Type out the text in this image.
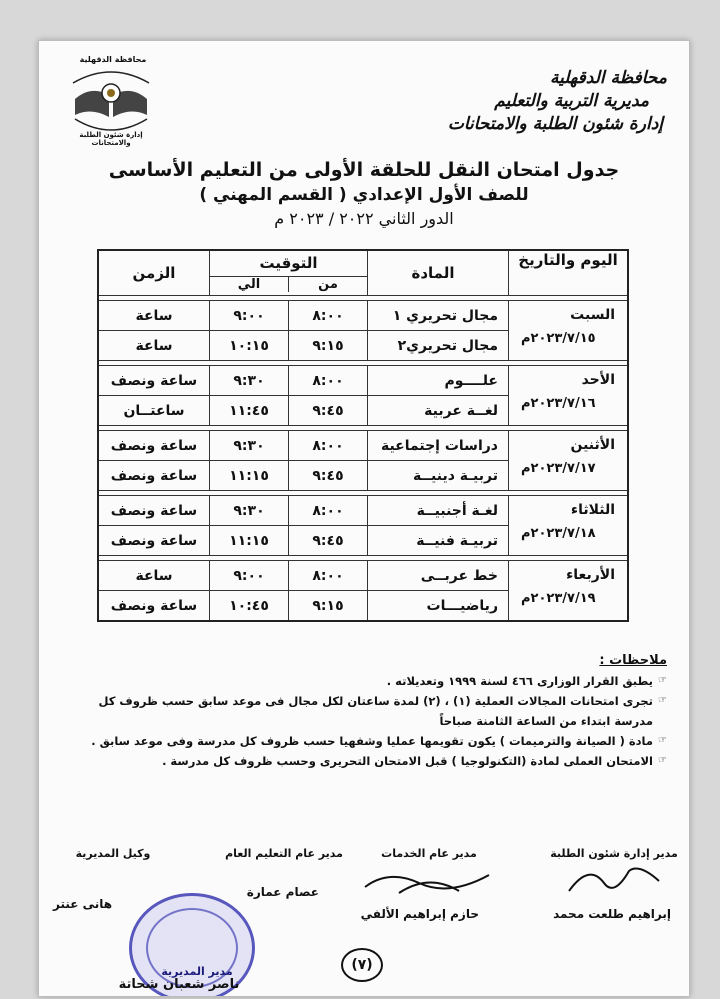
محافظة الدقهلية
مديرية التربية والتعليم
إدارة شئون الطلبة والامتحانات
محافظة الدقهلية
إدارة شئون الطلبة والامتحانات
جدول امتحان النقل للحلقة الأولى من التعليم الأساسى
للصف الأول الإعدادي ( القسم المهني )
الدور الثاني ٢٠٢٢ / ٢٠٢٣ م
اليوم والتاريخ	المادة	التوقيت
من
الي		الزمن

السبت
٢٠٢٣/٧/١٥م	مجال تحريري ١	٨:٠٠	٩:٠٠	ساعة
	مجال تحريري٢	٩:١٥	١٠:١٥	ساعة

الأحد
٢٠٢٣/٧/١٦م	علــــوم	٨:٠٠	٩:٣٠	ساعة ونصف
	لغــة عربية	٩:٤٥	١١:٤٥	ساعتــان

الأثنين
٢٠٢٣/٧/١٧م	دراسات إجتماعية	٨:٠٠	٩:٣٠	ساعة ونصف
	تربيـة دينيــة	٩:٤٥	١١:١٥	ساعة ونصف

الثلاثاء
٢٠٢٣/٧/١٨م	لغـة أجنبيــة	٨:٠٠	٩:٣٠	ساعة ونصف
	تربيـة فنيــة	٩:٤٥	١١:١٥	ساعة ونصف

الأربعاء
٢٠٢٣/٧/١٩م	خط عربــى	٨:٠٠	٩:٠٠	ساعة
	رياضيـــات	٩:١٥	١٠:٤٥	ساعة ونصف
ملاحظات :
☞ يطبق القرار الوزارى ٤٦٦ لسنة ١٩٩٩ وتعديلاته .
☞ تجرى امتحانات المجالات العملية (١) ، (٢) لمدة ساعتان لكل مجال فى موعد سابق حسب ظروف كل مدرسة ابتداء من الساعة الثامنة صباحاً
☞ مادة ( الصيانة والترميمات ) يكون تقويمها عمليا وشفهيا حسب ظروف كل مدرسة وفى موعد سابق .
☞ الامتحان العملى لمادة (التكنولوجيا ) قبل الامتحان التحريرى وحسب ظروف كل مدرسة .
مدير إدارة شئون الطلبة
إبراهيم طلعت محمد
مدير عام الخدمات
حازم إبراهيم الألفي
مدير عام التعليم العام
عصام عمارة
وكيل المديرية
هانى عنتر
مدير المديرية
ناصر شعبان شحاتة
(٧)
